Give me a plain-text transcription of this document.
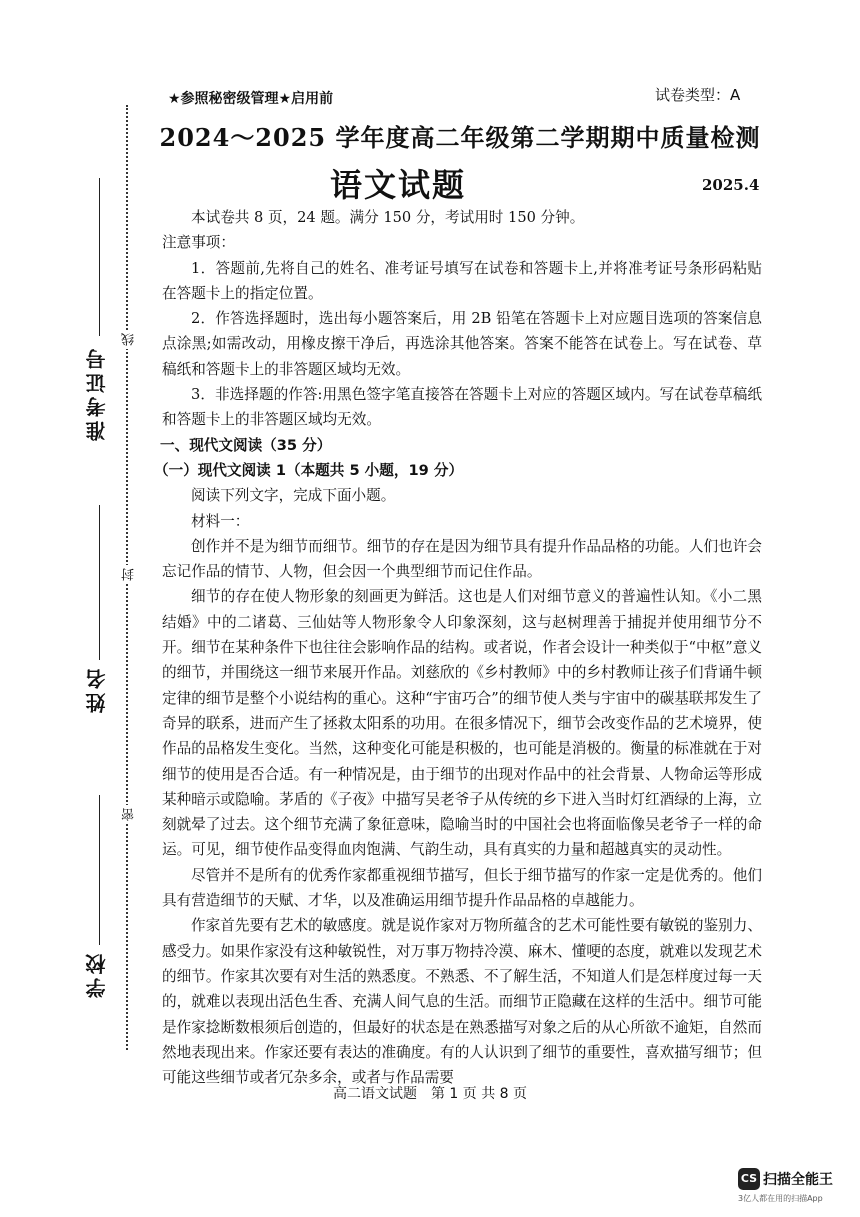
准考证号
姓名
学校
线
封
密
★参照秘密级管理★启用前	试卷类型：A
2024～2025 学年度高二年级第二学期期中质量检测
语文试题	2025.4

本试卷共 8 页，24 题。满分 150 分，考试用时 150 分钟。

注意事项：

1．答题前,先将自己的姓名、准考证号填写在试卷和答题卡上,并将准考证号条形码粘贴在答题卡上的指定位置。

2．作答选择题时，选出每小题答案后，用 2B 铅笔在答题卡上对应题目选项的答案信息点涂黑;如需改动，用橡皮擦干净后，再选涂其他答案。答案不能答在试卷上。写在试卷、草稿纸和答题卡上的非答题区域均无效。

3．非选择题的作答:用黑色签字笔直接答在答题卡上对应的答题区域内。写在试卷草稿纸和答题卡上的非答题区域均无效。

一、现代文阅读（35 分）

（一）现代文阅读 1（本题共 5 小题，19 分）

阅读下列文字，完成下面小题。

材料一：

创作并不是为细节而细节。细节的存在是因为细节具有提升作品品格的功能。人们也许会忘记作品的情节、人物，但会因一个典型细节而记住作品。

细节的存在使人物形象的刻画更为鲜活。这也是人们对细节意义的普遍性认知。《小二黑结婚》中的二诸葛、三仙姑等人物形象令人印象深刻，这与赵树理善于捕捉并使用细节分不开。细节在某种条件下也往往会影响作品的结构。或者说，作者会设计一种类似于“中枢”意义的细节，并围绕这一细节来展开作品。刘慈欣的《乡村教师》中的乡村教师让孩子们背诵牛顿定律的细节是整个小说结构的重心。这种“宇宙巧合”的细节使人类与宇宙中的碳基联邦发生了奇异的联系，进而产生了拯救太阳系的功用。在很多情况下，细节会改变作品的艺术境界，使作品的品格发生变化。当然，这种变化可能是积极的，也可能是消极的。衡量的标准就在于对细节的使用是否合适。有一种情况是，由于细节的出现对作品中的社会背景、人物命运等形成某种暗示或隐喻。茅盾的《子夜》中描写吴老爷子从传统的乡下进入当时灯红酒绿的上海，立刻就晕了过去。这个细节充满了象征意味，隐喻当时的中国社会也将面临像吴老爷子一样的命运。可见，细节使作品变得血肉饱满、气韵生动，具有真实的力量和超越真实的灵动性。

尽管并不是所有的优秀作家都重视细节描写，但长于细节描写的作家一定是优秀的。他们具有营造细节的天赋、才华，以及准确运用细节提升作品品格的卓越能力。

作家首先要有艺术的敏感度。就是说作家对万物所蕴含的艺术可能性要有敏锐的鉴别力、感受力。如果作家没有这种敏锐性，对万事万物持冷漠、麻木、懂哽的态度，就难以发现艺术的细节。作家其次要有对生活的熟悉度。不熟悉、不了解生活，不知道人们是怎样度过每一天的，就难以表现出活色生香、充满人间气息的生活。而细节正隐藏在这样的生活中。细节可能是作家捻断数根须后创造的，但最好的状态是在熟悉描写对象之后的从心所欲不逾矩，自然而然地表现出来。作家还要有表达的准确度。有的人认识到了细节的重要性，喜欢描写细节；但可能这些细节或者冗杂多余，或者与作品需要

高二语文试题　第 1 页 共 8 页
CS 扫描全能王
3亿人都在用的扫描App
